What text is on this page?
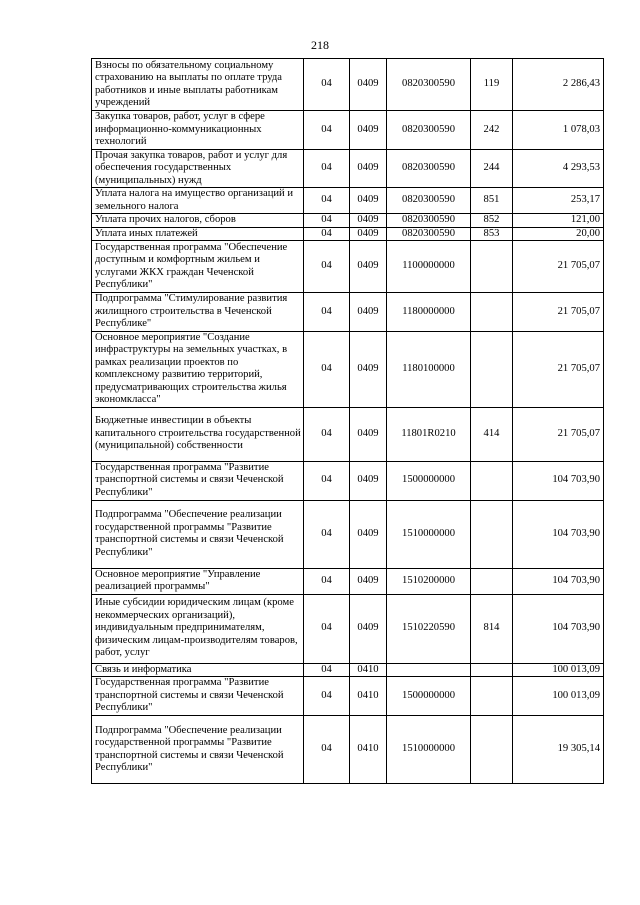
218
Взносы по обязательному социальному страхованию на выплаты по оплате труда работников и иные выплаты работникам учреждений	04	0409	0820300590	119	2 286,43
Закупка товаров, работ, услуг в сфере информационно-коммуникационных технологий	04	0409	0820300590	242	1 078,03
Прочая закупка товаров, работ и услуг для обеспечения государственных (муниципальных) нужд	04	0409	0820300590	244	4 293,53
Уплата налога на имущество организаций и земельного налога	04	0409	0820300590	851	253,17
Уплата прочих налогов, сборов	04	0409	0820300590	852	121,00
Уплата иных платежей	04	0409	0820300590	853	20,00
Государственная программа "Обеспечение доступным и комфортным жильем и услугами ЖКХ граждан Чеченской Республики"	04	0409	1100000000		21 705,07
Подпрограмма "Стимулирование развития жилищного строительства в Чеченской Республике"	04	0409	1180000000		21 705,07
Основное мероприятие "Создание инфраструктуры на земельных участках, в рамках реализации проектов по комплексному развитию территорий, предусматривающих строительства жилья экономкласса"	04	0409	1180100000		21 705,07
Бюджетные инвестиции в объекты капитального строительства государственной (муниципальной) собственности	04	0409	11801R0210	414	21 705,07
Государственная программа "Развитие транспортной системы и связи Чеченской Республики"	04	0409	1500000000		104 703,90
Подпрограмма "Обеспечение реализации государственной программы "Развитие транспортной системы и связи Чеченской Республики"	04	0409	1510000000		104 703,90
Основное мероприятие "Управление реализацией программы"	04	0409	1510200000		104 703,90
Иные субсидии юридическим лицам (кроме некоммерческих организаций), индивидуальным предпринимателям, физическим лицам-производителям товаров, работ, услуг	04	0409	1510220590	814	104 703,90
Связь и информатика	04	0410			100 013,09
Государственная программа "Развитие транспортной системы и связи Чеченской Республики"	04	0410	1500000000		100 013,09
Подпрограмма "Обеспечение реализации государственной программы "Развитие транспортной системы и связи Чеченской Республики"	04	0410	1510000000		19 305,14
